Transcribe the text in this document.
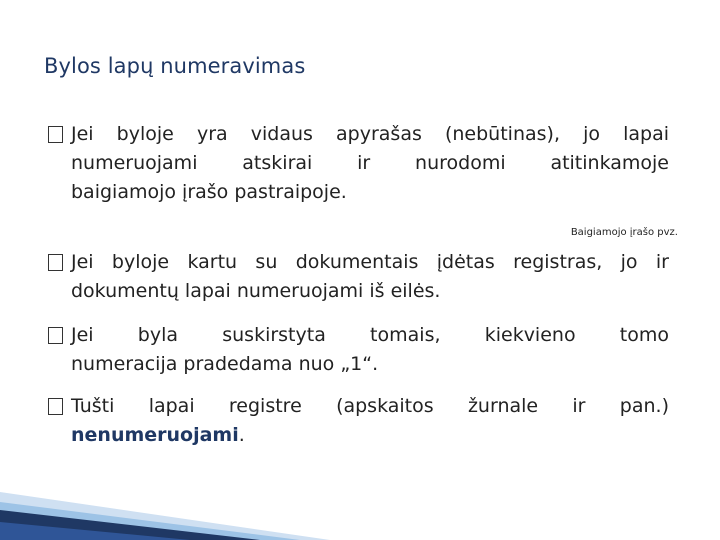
Bylos lapų numeravimas
Jei byloje yra vidaus apyrašas (nebūtinas), jo lapai
numeruojami atskirai ir nurodomi atitinkamoje
baigiamojo įrašo pastraipoje.
Baigiamojo įrašo pvz.
Jei byloje kartu su dokumentais įdėtas registras, jo ir
dokumentų lapai numeruojami iš eilės.
Jei byla suskirstyta tomais, kiekvieno tomo
numeracija pradedama nuo „1“.
Tušti lapai registre (apskaitos žurnale ir pan.)
nenumeruojami.
